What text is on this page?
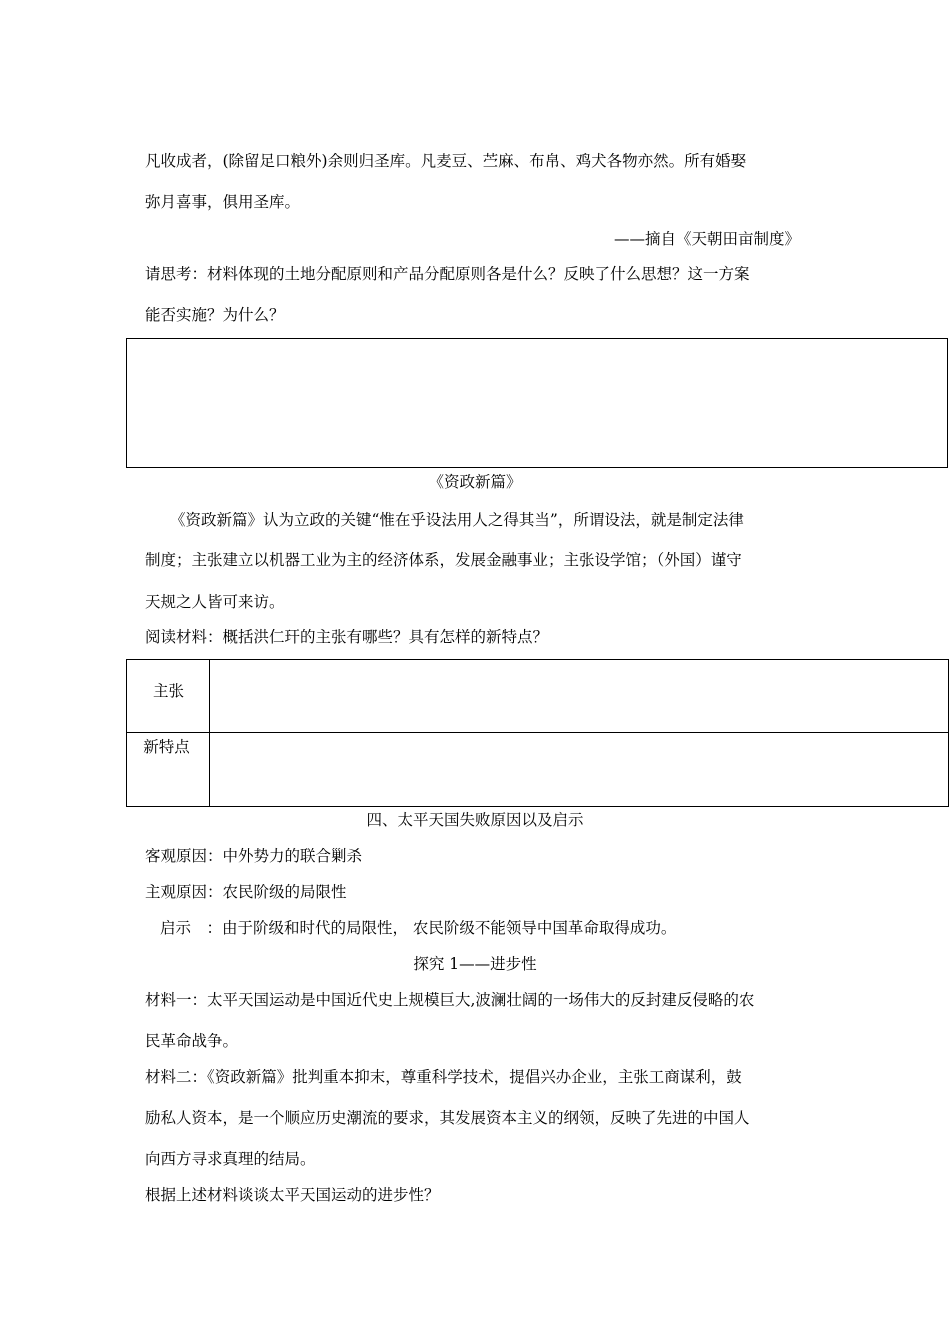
凡收成者，(除留足口粮外)余则归圣库。凡麦豆、苎麻、布帛、鸡犬各物亦然。所有婚娶
弥月喜事，俱用圣库。
——摘自《天朝田亩制度》
请思考：材料体现的土地分配原则和产品分配原则各是什么？反映了什么思想？这一方案
能否实施？为什么？
《资政新篇》
《资政新篇》认为立政的关键“惟在乎设法用人之得其当”，所谓设法，就是制定法律
制度；主张建立以机器工业为主的经济体系，发展金融事业；主张设学馆；（外国）谨守
天规之人皆可来访。
阅读材料：概括洪仁玕的主张有哪些？具有怎样的新特点？
主张
新特点
四、太平天国失败原因以及启示
客观原因：中外势力的联合剿杀
主观原因：农民阶级的局限性
启示　：由于阶级和时代的局限性， 农民阶级不能领导中国革命取得成功。
探究 1——进步性
材料一：太平天国运动是中国近代史上规模巨大,波澜壮阔的一场伟大的反封建反侵略的农
民革命战争。
材料二：《资政新篇》批判重本抑末，尊重科学技术，提倡兴办企业，主张工商谋利，鼓
励私人资本，是一个顺应历史潮流的要求，其发展资本主义的纲领，反映了先进的中国人
向西方寻求真理的结局。
根据上述材料谈谈太平天国运动的进步性？
